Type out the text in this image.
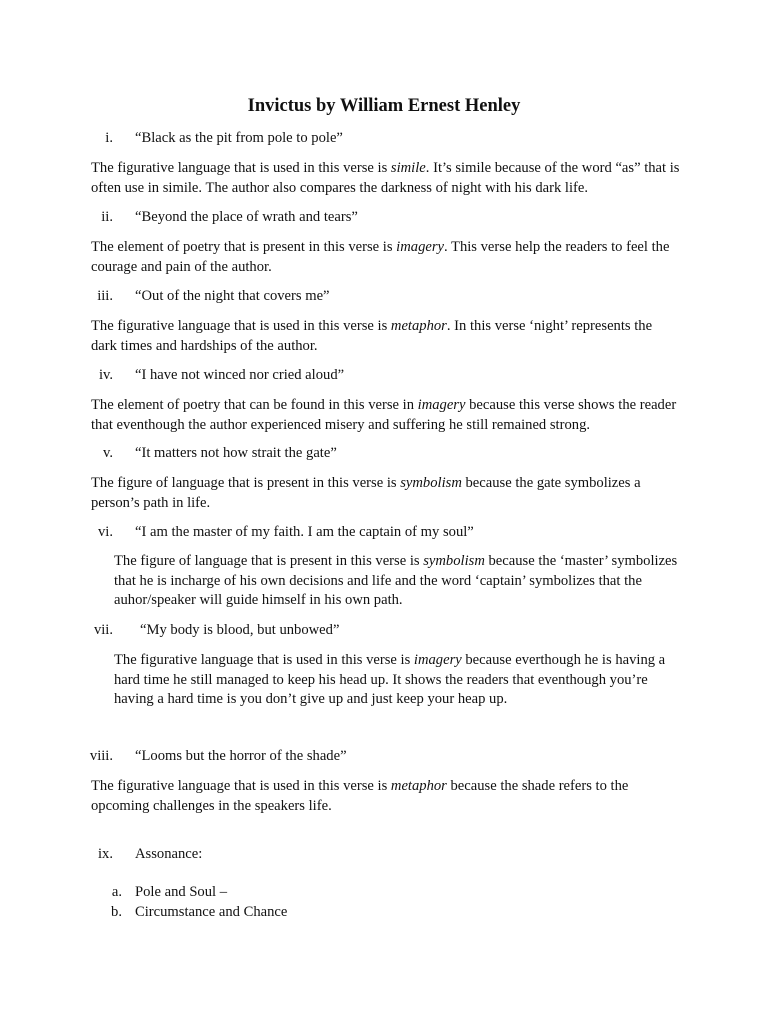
Invictus by William Ernest Henley
i. “Black as the pit from pole to pole”
The figurative language that is used in this verse is simile. It’s simile because of the word “as” that is often use in simile. The author also compares the darkness of night with his dark life.
ii. “Beyond the place of wrath and tears”
The element of poetry that is present in this verse is imagery. This verse help the readers to feel the courage and pain of the author.
iii. “Out of the night that covers me”
The figurative language that is used in this verse is metaphor. In this verse ‘night’ represents the dark times and hardships of the author.
iv. “I have not winced nor cried aloud”
The element of poetry that can be found in this verse in imagery because this verse shows the reader that eventhough the author experienced misery and suffering he still remained strong.
v. “It matters not how strait the gate”
The figure of language that is present in this verse is symbolism because the gate symbolizes a person’s path in life.
vi. “I am the master of my faith. I am the captain of my soul”
The figure of language that is present in this verse is symbolism because the ‘master’ symbolizes that he is incharge of his own decisions and life and the word ‘captain’ symbolizes that the auhor/speaker will guide himself in his own path.
vii. “My body is blood, but unbowed”
The figurative language that is used in this verse is imagery because everthough he is having a hard time he still managed to keep his head up. It shows the readers that eventhough you’re having a hard time is you don’t give up and just keep your heap up.
viii. “Looms but the horror of the shade”
The figurative language that is used in this verse is metaphor because the shade refers to the opcoming challenges in the speakers life.
ix. Assonance:
a. Pole and Soul –
b. Circumstance and Chance
